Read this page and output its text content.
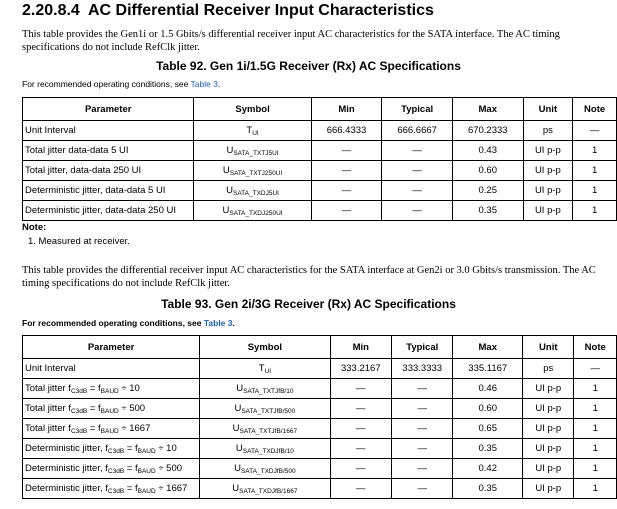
2.20.8.4 AC Differential Receiver Input Characteristics
This table provides the Gen1i or 1.5 Gbits/s differential receiver input AC characteristics for the SATA interface. The AC timing specifications do not include RefClk jitter.
Table 92. Gen 1i/1.5G Receiver (Rx) AC Specifications
For recommended operating conditions, see Table 3.
Parameter	Symbol	Min	Typical	Max	Unit	Note
Unit Interval	$T_{UI}$	666.4333	666.6667	670.2333	ps	—
Total jitter data-data 5 UI	$U_{SATA\_TXTJ5UI}$	—	—	0.43	UI p-p	1
Total jitter, data-data 250 UI	$U_{SATA\_TXTJ250UI}$	—	—	0.60	UI p-p	1
Deterministic jitter, data-data 5 UI	$U_{SATA\_TXDJ5UI}$	—	—	0.25	UI p-p	1
Deterministic jitter, data-data 250 UI	$U_{SATA\_TXDJ250UI}$	—	—	0.35	UI p-p	1
Note:
1. Measured at receiver.
This table provides the differential receiver input AC characteristics for the SATA interface at Gen2i or 3.0 Gbits/s transmission. The AC timing specifications do not include RefClk jitter.
Table 93. Gen 2i/3G Receiver (Rx) AC Specifications
For recommended operating conditions, see Table 3.
Parameter	Symbol	Min	Typical	Max	Unit	Note
Unit Interval	$T_{UI}$	333.2167	333.3333	335.1167	ps	—
Total jitter $f_{C3dB} = f_{BAUD} \div 10$	$U_{SATA\_TXTJfB/10}$	—	—	0.46	UI p-p	1
Total jitter $f_{C3dB} = f_{BAUD} \div 500$	$U_{SATA\_TXTJfB/500}$	—	—	0.60	UI p-p	1
Total jitter $f_{C3dB} = f_{BAUD} \div 1667$	$U_{SATA\_TXTJfB/1667}$	—	—	0.65	UI p-p	1
Deterministic jitter, $f_{C3dB} = f_{BAUD} \div 10$	$U_{SATA\_TXDJfB/10}$	—	—	0.35	UI p-p	1
Deterministic jitter, $f_{C3dB} = f_{BAUD} \div 500$	$U_{SATA\_TXDJfB/500}$	—	—	0.42	UI p-p	1
Deterministic jitter, $f_{C3dB} = f_{BAUD} \div 1667$	$U_{SATA\_TXDJfB/1667}$	—	—	0.35	UI p-p	1
